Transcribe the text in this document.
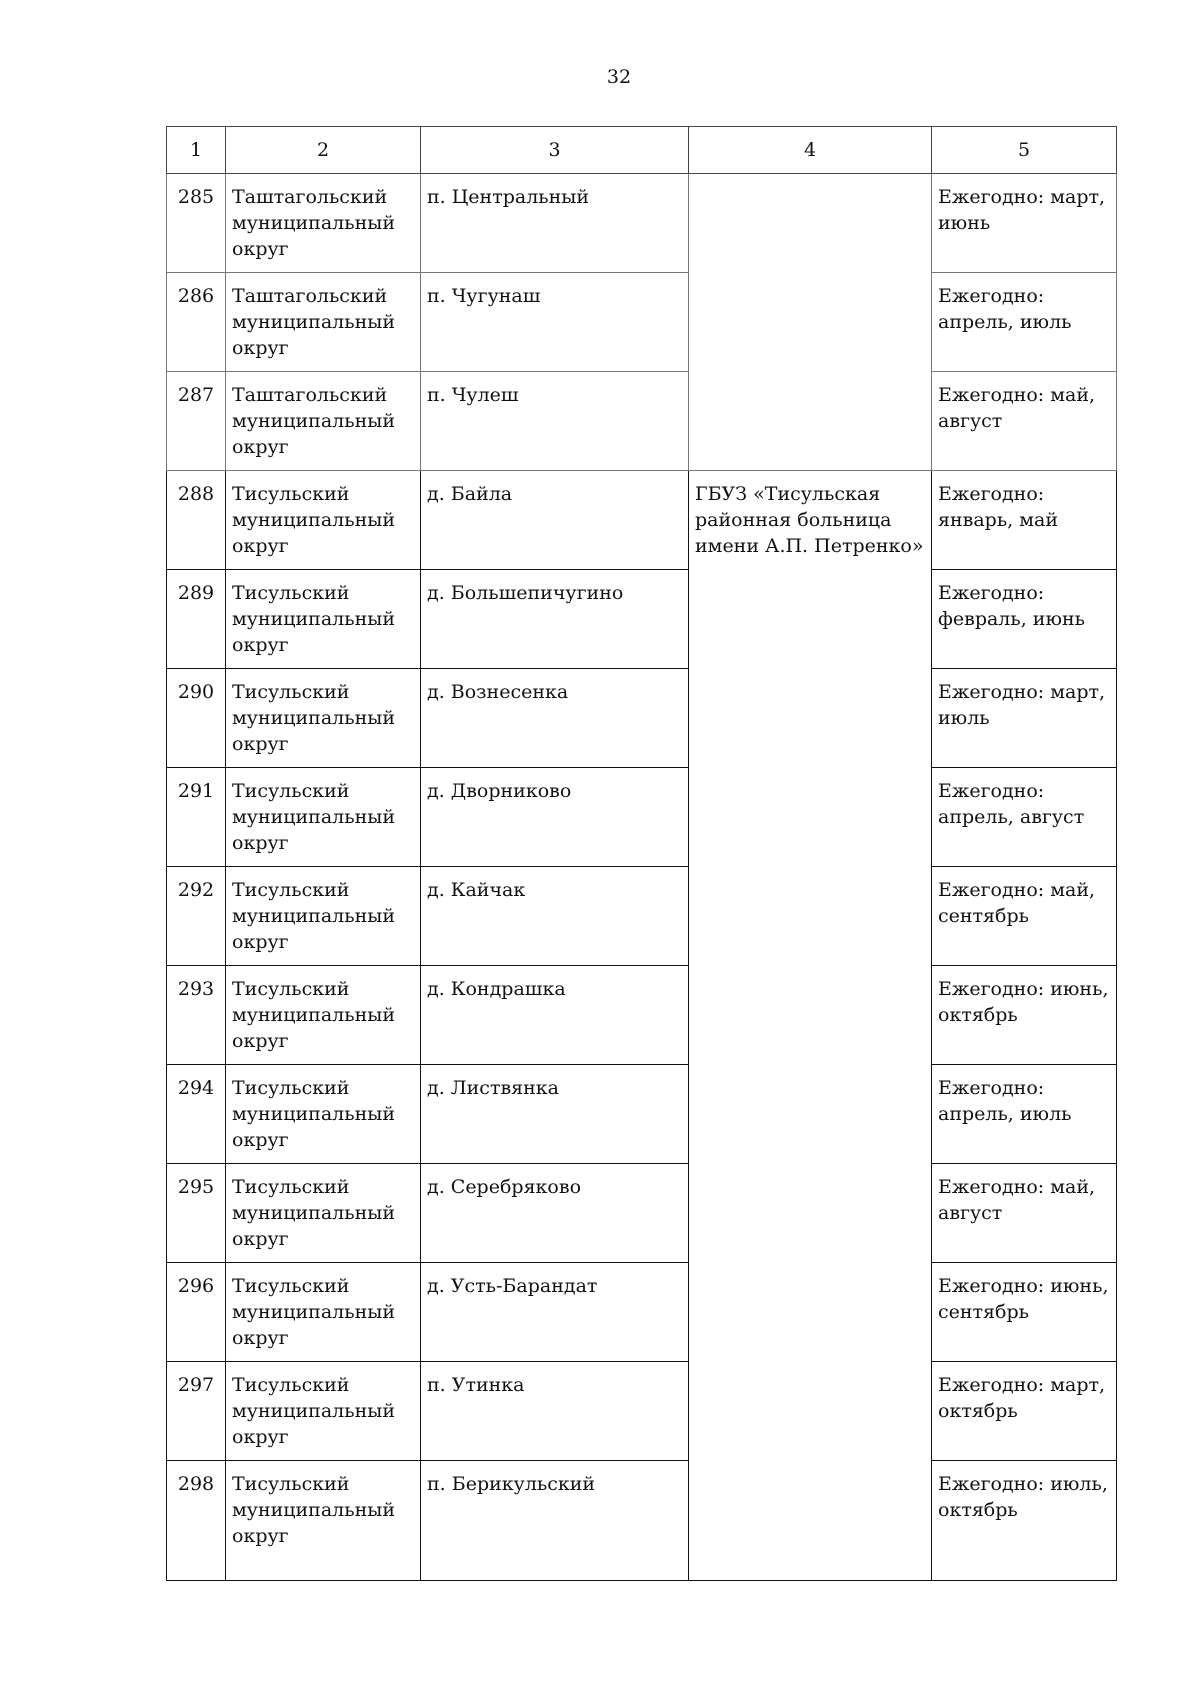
32
1	2	3	4	5
285	Таштагольский муниципальный округ	п. Центральный		Ежегодно: март, июнь
286	Таштагольский муниципальный округ	п. Чугунаш		Ежегодно: апрель, июль
287	Таштагольский муниципальный округ	п. Чулеш		Ежегодно: май, август
288	Тисульский муниципальный округ	д. Байла	ГБУЗ «Тисульская районная больница имени А.П. Петренко»	Ежегодно: январь, май
289	Тисульский муниципальный округ	д. Большепичугино		Ежегодно: февраль, июнь
290	Тисульский муниципальный округ	д. Вознесенка		Ежегодно: март, июль
291	Тисульский муниципальный округ	д. Дворниково		Ежегодно: апрель, август
292	Тисульский муниципальный округ	д. Кайчак		Ежегодно: май, сентябрь
293	Тисульский муниципальный округ	д. Кондрашка		Ежегодно: июнь, октябрь
294	Тисульский муниципальный округ	д. Листвянка		Ежегодно: апрель, июль
295	Тисульский муниципальный округ	д. Серебряково		Ежегодно: май, август
296	Тисульский муниципальный округ	д. Усть-Барандат		Ежегодно: июнь, сентябрь
297	Тисульский муниципальный округ	п. Утинка		Ежегодно: март, октябрь
298	Тисульский муниципальный округ	п. Берикульский		Ежегодно: июль, октябрь
